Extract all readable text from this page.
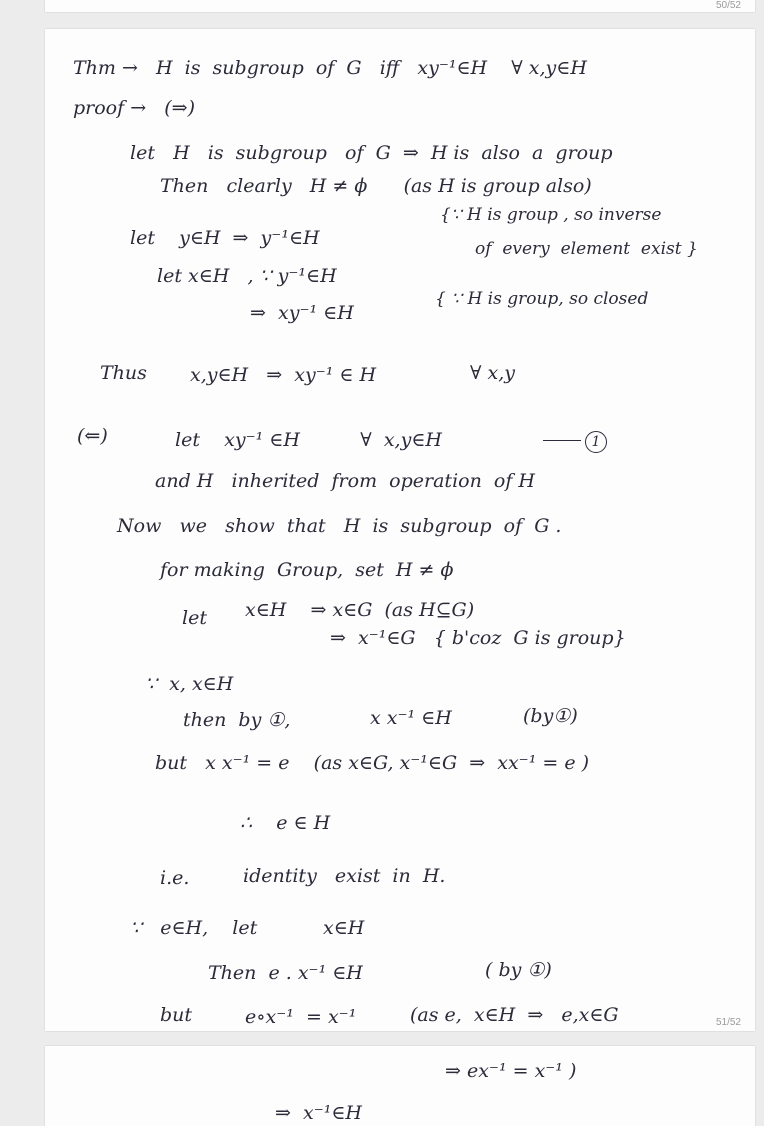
50/52
Thm →   H  is  subgroup  of  G   iff   xy⁻¹∈H    ∀ x,y∈H
proof →   (⇒)
let   H   is  subgroup   of  G  ⇒  H is  also  a  group
Then   clearly   H ≠ ϕ      (as H is group also)
let    y∈H  ⇒  y⁻¹∈H
{∵ H is group , so inverse
of  every  element  exist }
let x∈H   , ∵ y⁻¹∈H
⇒  xy⁻¹ ∈H
{ ∵ H is group, so closed
Thus x,y∈H   ⇒  xy⁻¹ ∈ H	∀ x,y
(⇐)	let    xy⁻¹ ∈H          ∀  x,y∈H	1
and H   inherited  from  operation  of H
Now   we   show  that   H  is  subgroup  of  G .
for making  Group,  set  H ≠ ϕ
let x∈H    ⇒ x∈G  (as H⊆G)
⇒  x⁻¹∈G   { b'coz  G is group}
∵  x, x∈H
then  by ①,	x x⁻¹ ∈H	(by①)
but   x x⁻¹ = e    (as x∈G, x⁻¹∈G  ⇒  xx⁻¹ = e )
∴    e ∈ H
i.e.	identity   exist  in  H.
∵   e∈H,    let	x∈H
Then  e . x⁻¹ ∈H	( by ①)
but	e∘x⁻¹  = x⁻¹	(as e,  x∈H  ⇒   e,x∈G	51/52
⇒ ex⁻¹ = x⁻¹ )
⇒  x⁻¹∈H
